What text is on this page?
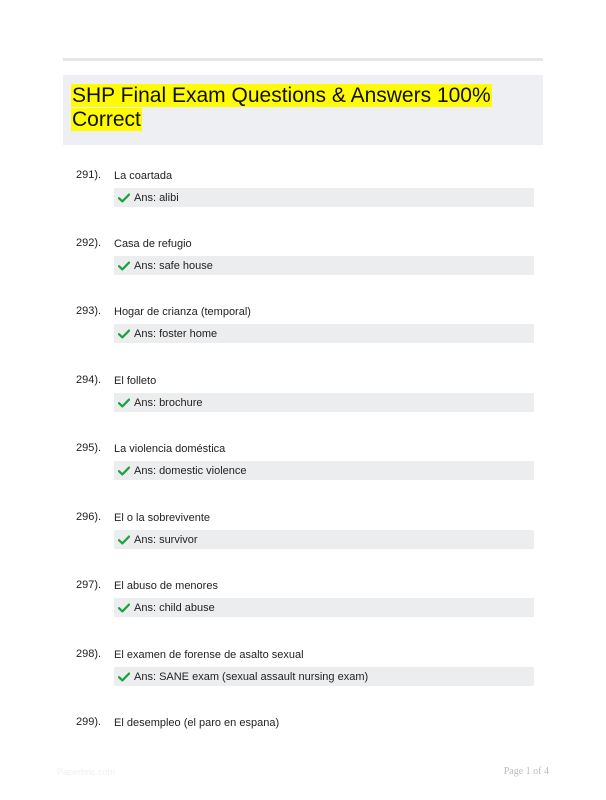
SHP Final Exam Questions & Answers 100% Correct
291). La coartada
Ans: alibi
292). Casa de refugio
Ans: safe house
293). Hogar de crianza (temporal)
Ans: foster home
294). El folleto
Ans: brochure
295). La violencia doméstica
Ans: domestic violence
296). El o la sobrevivente
Ans: survivor
297). El abuso de menores
Ans: child abuse
298). El examen de forense de asalto sexual
Ans: SANE exam (sexual assault nursing exam)
299). El desempleo (el paro en espana)
Paperbric.com	Page 1 of 4
